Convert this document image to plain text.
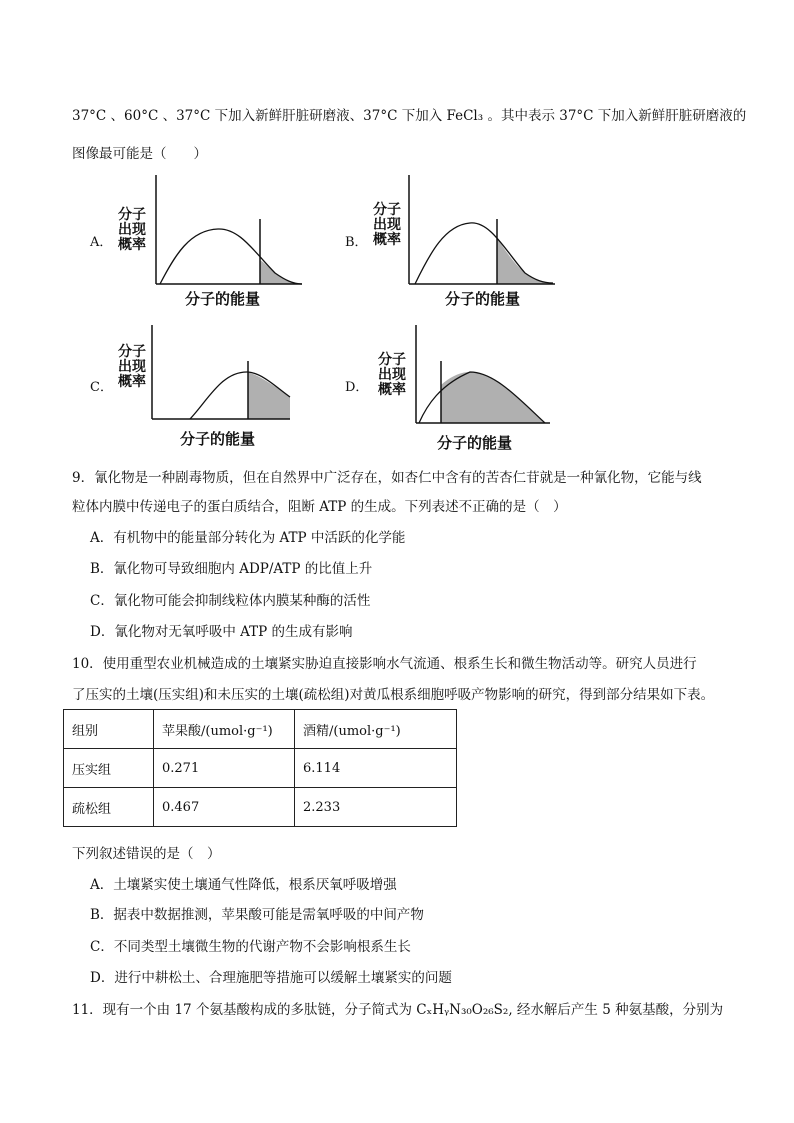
37°C 、60°C 、37°C 下加入新鲜肝脏研磨液、37°C 下加入 FeCl₃ 。其中表示 37°C 下加入新鲜肝脏研磨液的
图像最可能是（　　）
A．
分子
出现
概率
分子的能量
B．
分子
出现
概率
分子的能量
C．
分子
出现
概率
分子的能量
D．
分子
出现
概率
分子的能量
9．氰化物是一种剧毒物质，但在自然界中广泛存在，如杏仁中含有的苦杏仁苷就是一种氰化物，它能与线
粒体内膜中传递电子的蛋白质结合，阻断 ATP 的生成。下列表述不正确的是（　）
A．有机物中的能量部分转化为 ATP 中活跃的化学能
B．氰化物可导致细胞内 ADP/ATP 的比值上升
C．氰化物可能会抑制线粒体内膜某种酶的活性
D．氰化物对无氧呼吸中 ATP 的生成有影响
10．使用重型农业机械造成的土壤紧实胁迫直接影响水气流通、根系生长和微生物活动等。研究人员进行
了压实的土壤(压实组)和未压实的土壤(疏松组)对黄瓜根系细胞呼吸产物影响的研究，得到部分结果如下表。
组别	苹果酸/(umol·g⁻¹)	酒精/(umol·g⁻¹)
压实组	0.271	6.114
疏松组	0.467	2.233
下列叙述错误的是（　）
A．土壤紧实使土壤通气性降低，根系厌氧呼吸增强
B．据表中数据推测，苹果酸可能是需氧呼吸的中间产物
C．不同类型土壤微生物的代谢产物不会影响根系生长
D．进行中耕松土、合理施肥等措施可以缓解土壤紧实的问题
11．现有一个由 17 个氨基酸构成的多肽链，分子简式为 CₓHᵧN₃₀O₂₆S₂, 经水解后产生 5 种氨基酸，分别为
